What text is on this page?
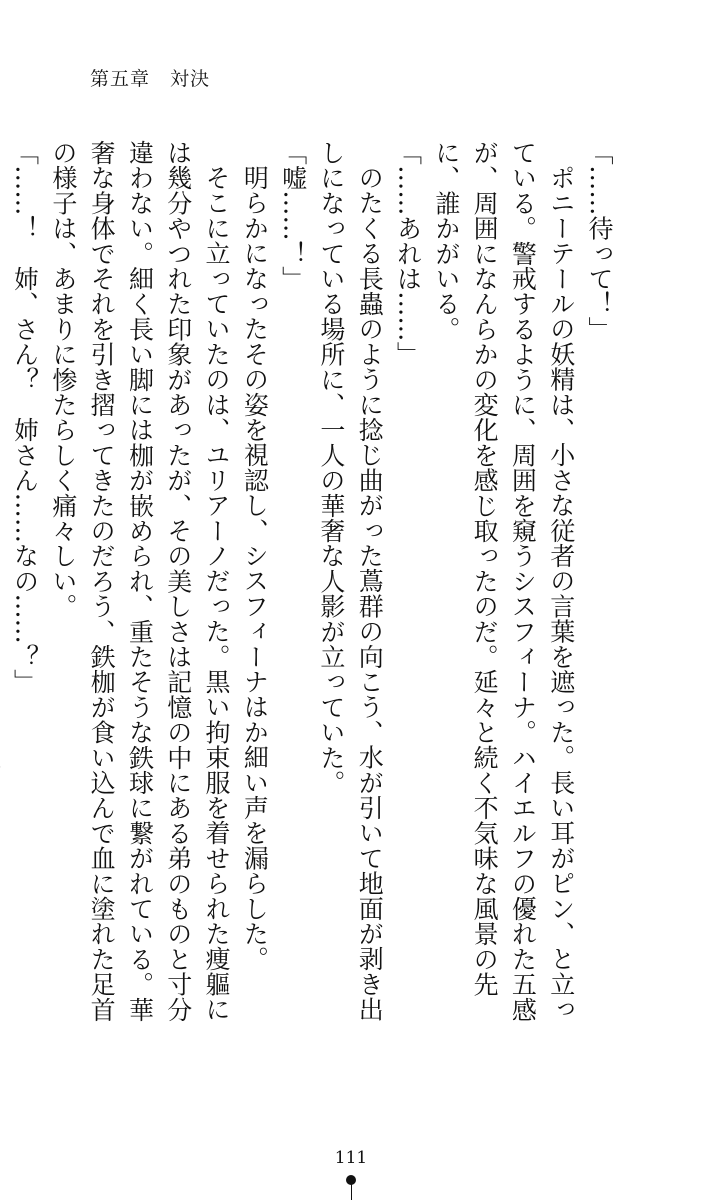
第五章　対決

「……待って！」

ポニーテールの妖精は、小さな従者の言葉を遮った。長い耳がピン、と立っている。警戒するように、周囲を窺うシスフィーナ。ハイエルフの優れた五感が、周囲になんらかの変化を感じ取ったのだ。延々と続く不気味な風景の先に、誰かがいる。

「……あれは……」

のたくる長蟲のように捻じ曲がった蔦群の向こう、水が引いて地面が剥き出しになっている場所に、一人の華奢な人影が立っていた。

「嘘……！」

明らかになったその姿を視認し、シスフィーナはか細い声を漏らした。

そこに立っていたのは、ユリアーノだった。黒い拘束服を着せられた痩軀には幾分やつれた印象があったが、その美しさは記憶の中にある弟のものと寸分違わない。細く長い脚には枷が嵌められ、重たそうな鉄球に繋がれている。華奢な身体でそれを引き摺ってきたのだろう、鉄枷が食い込んで血に塗れた足首の様子は、あまりに惨たらしく痛々しい。

「……！　姉、さん？　姉さん……なの……？」

111
